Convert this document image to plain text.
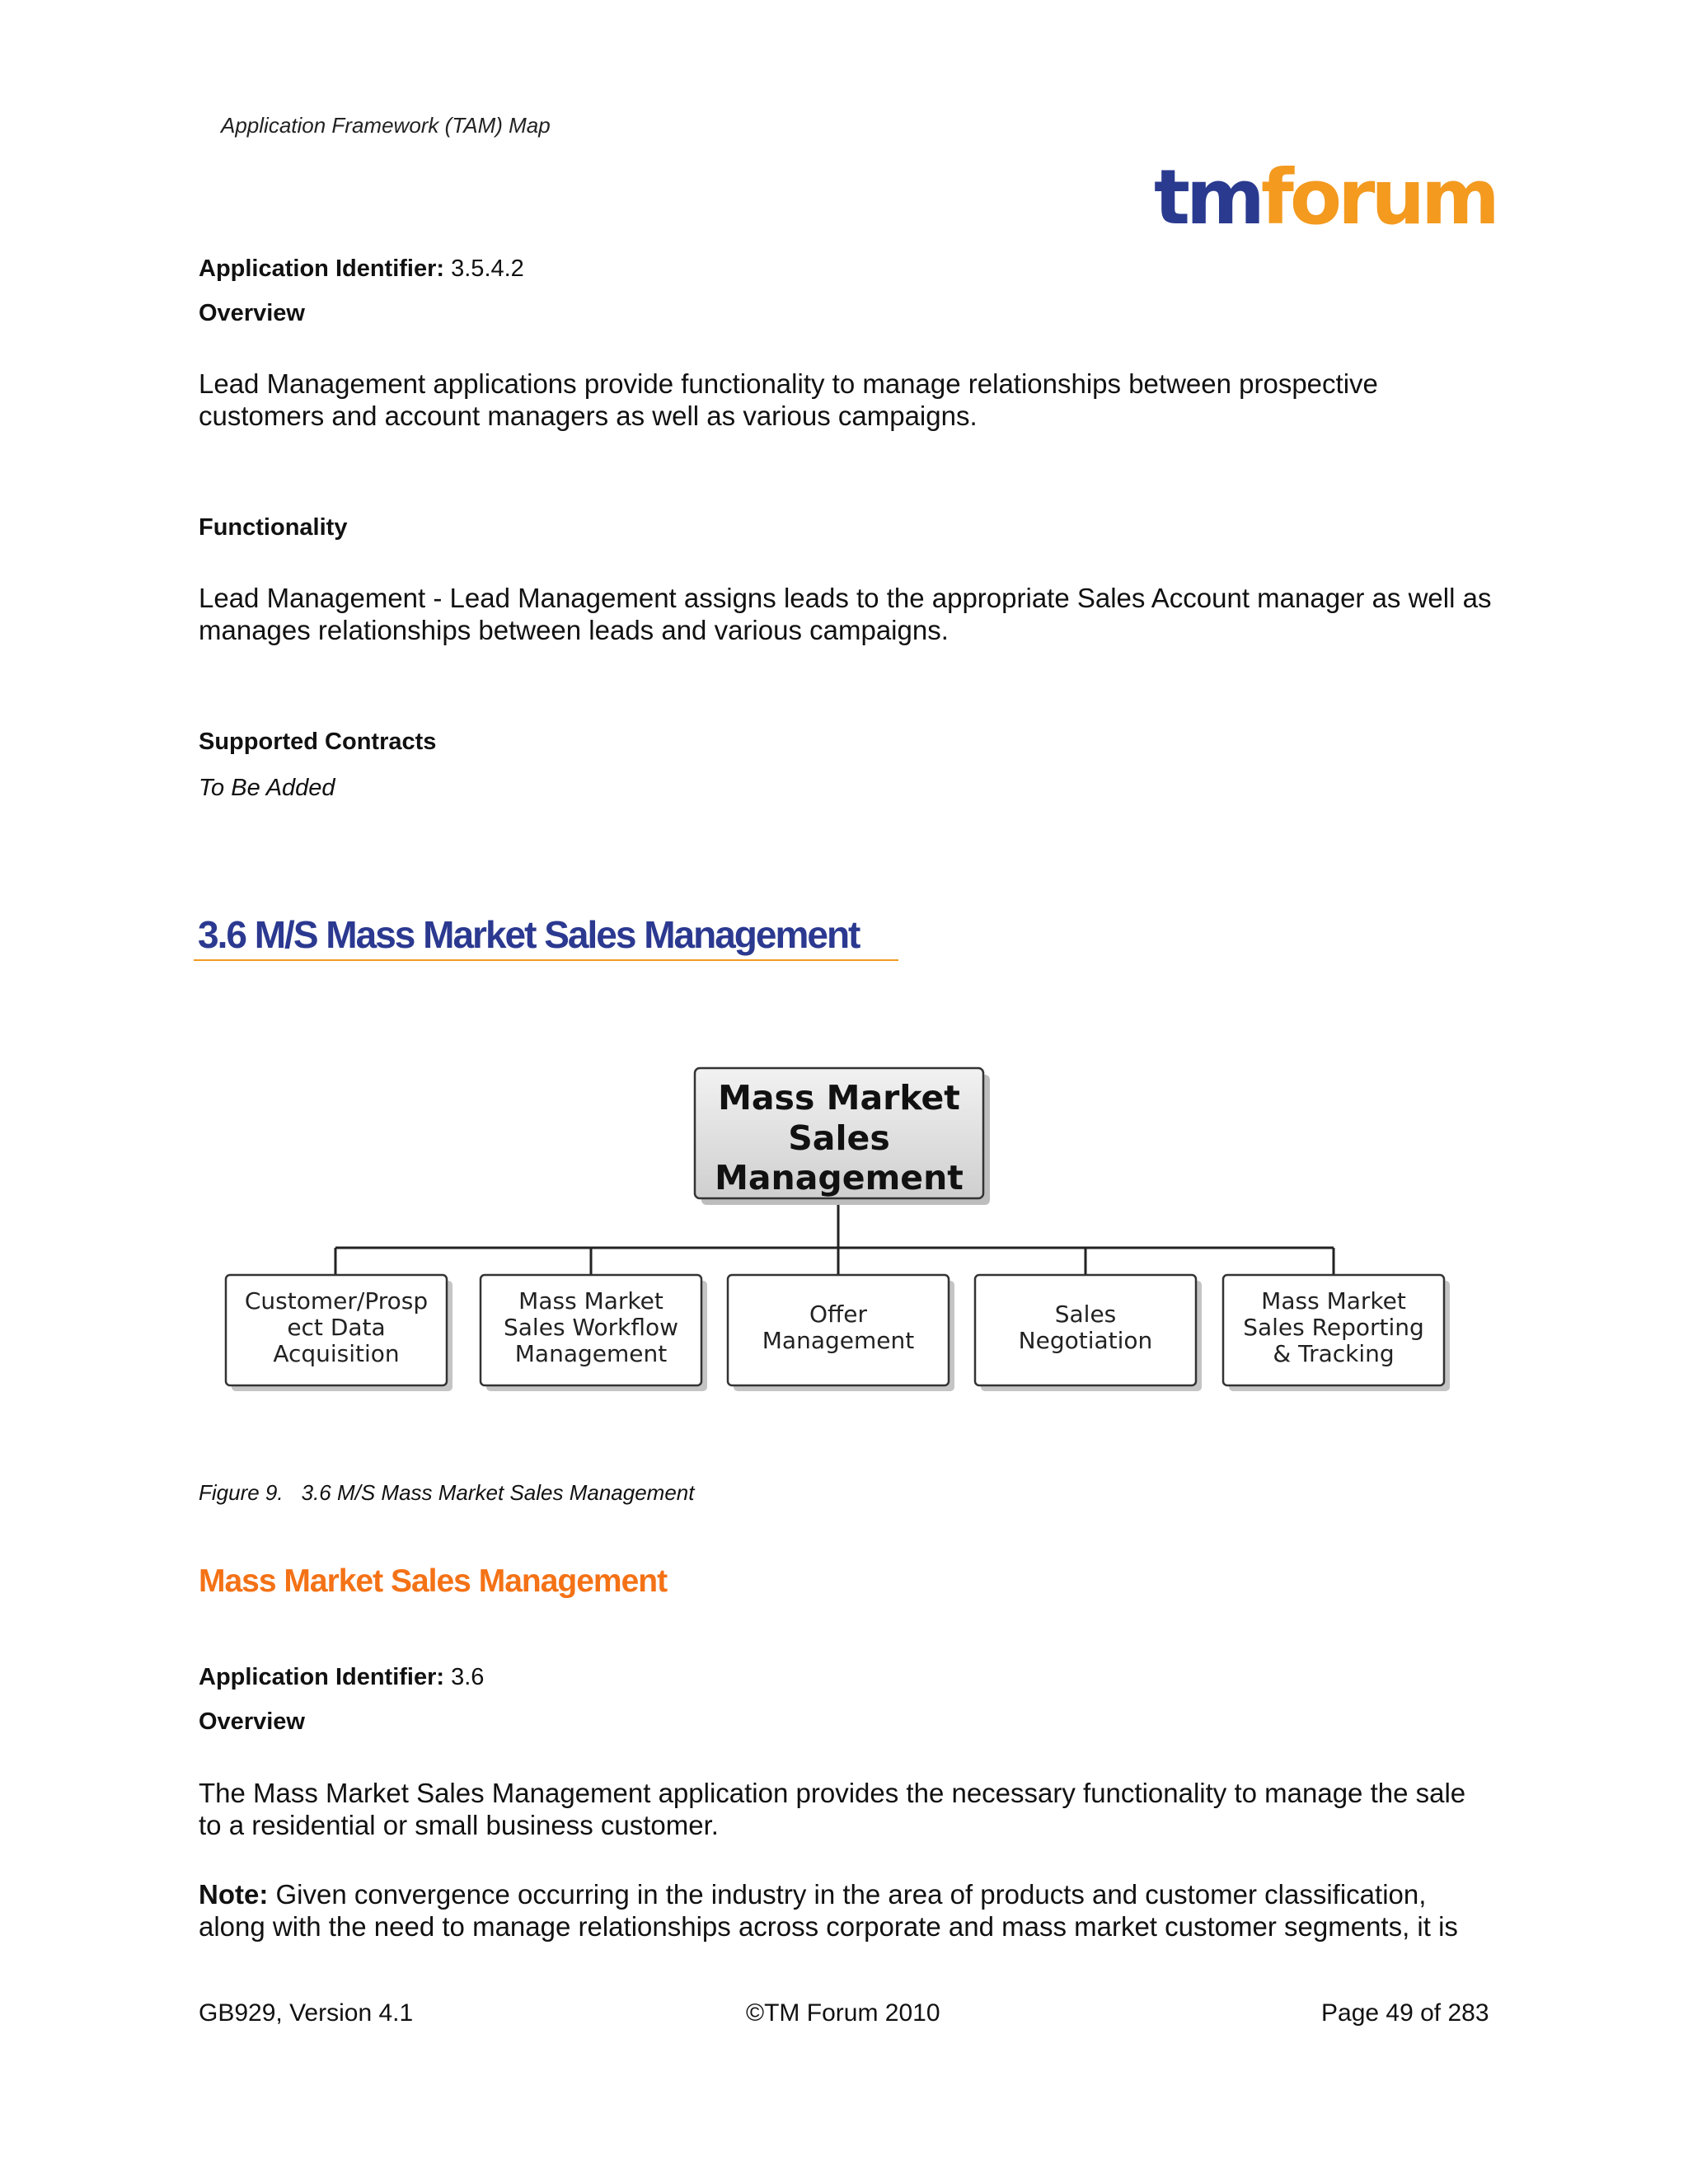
Application Framework (TAM) Map
tmforum
Application Identifier: 3.5.4.2
Overview
Lead Management applications provide functionality to manage relationships between prospective customers and account managers as well as various campaigns.
Functionality
Lead Management - Lead Management assigns leads to the appropriate Sales Account manager as well as manages relationships between leads and various campaigns.
Supported Contracts
To Be Added
3.6 M/S Mass Market Sales Management
Mass Market
Sales
Management
Customer/Prosp
ect Data
Acquisition
Mass Market
Sales Workflow
Management
Offer
Management
Sales
Negotiation
Mass Market
Sales Reporting
& Tracking
Figure 9. 3.6 M/S Mass Market Sales Management
Mass Market Sales Management
Application Identifier: 3.6
Overview
The Mass Market Sales Management application provides the necessary functionality to manage the sale to a residential or small business customer.
Note: Given convergence occurring in the industry in the area of products and customer classification, along with the need to manage relationships across corporate and mass market customer segments, it is
GB929, Version 4.1	©TM Forum 2010	Page 49 of 283
